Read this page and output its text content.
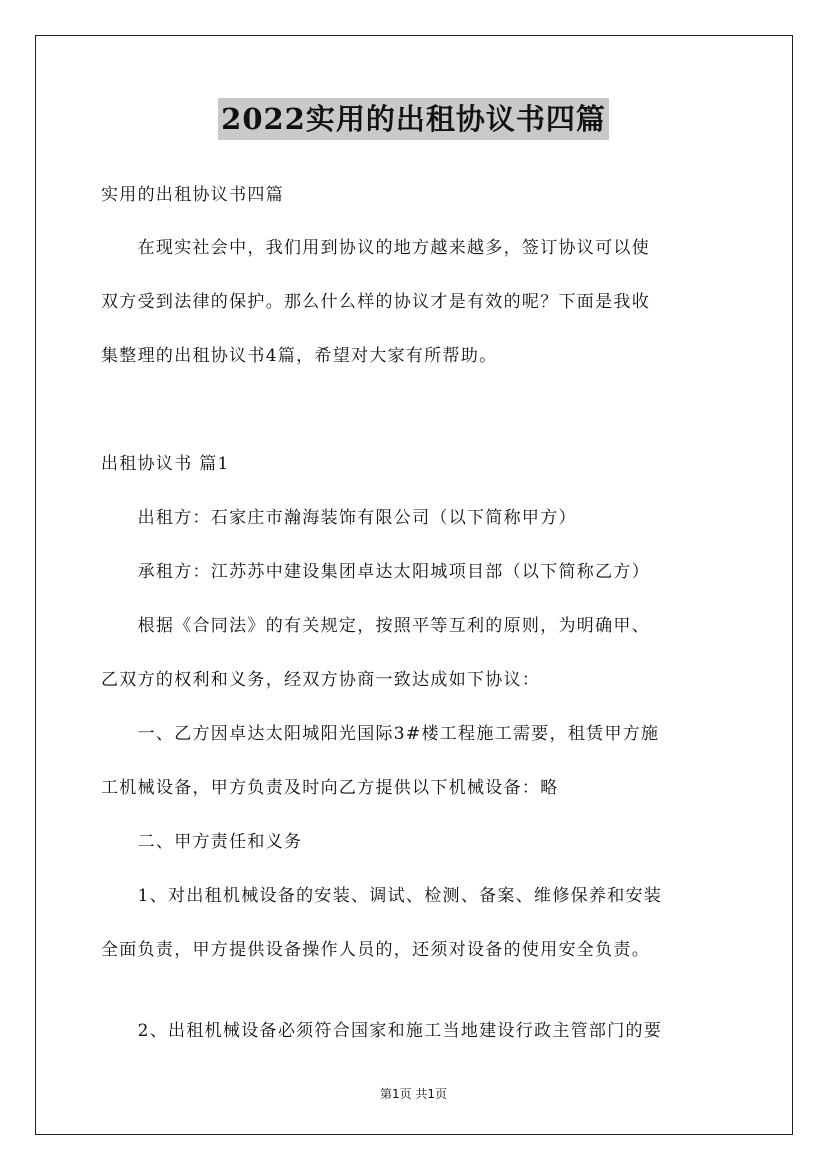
2022实用的出租协议书四篇
实用的出租协议书四篇
　　在现实社会中，我们用到协议的地方越来越多，签订协议可以使
双方受到法律的保护。那么什么样的协议才是有效的呢？下面是我收
集整理的出租协议书4篇，希望对大家有所帮助。
出租协议书 篇1
　　出租方：石家庄市瀚海装饰有限公司（以下简称甲方）
　　承租方：江苏苏中建设集团卓达太阳城项目部（以下简称乙方）
　　根据《合同法》的有关规定，按照平等互利的原则，为明确甲、
乙双方的权利和义务，经双方协商一致达成如下协议：
　　一、乙方因卓达太阳城阳光国际3#楼工程施工需要，租赁甲方施
工机械设备，甲方负责及时向乙方提供以下机械设备：略
　　二、甲方责任和义务
　　1、对出租机械设备的安装、调试、检测、备案、维修保养和安装
全面负责，甲方提供设备操作人员的，还须对设备的使用安全负责。
　　2、出租机械设备必须符合国家和施工当地建设行政主管部门的要
第1页 共1页
